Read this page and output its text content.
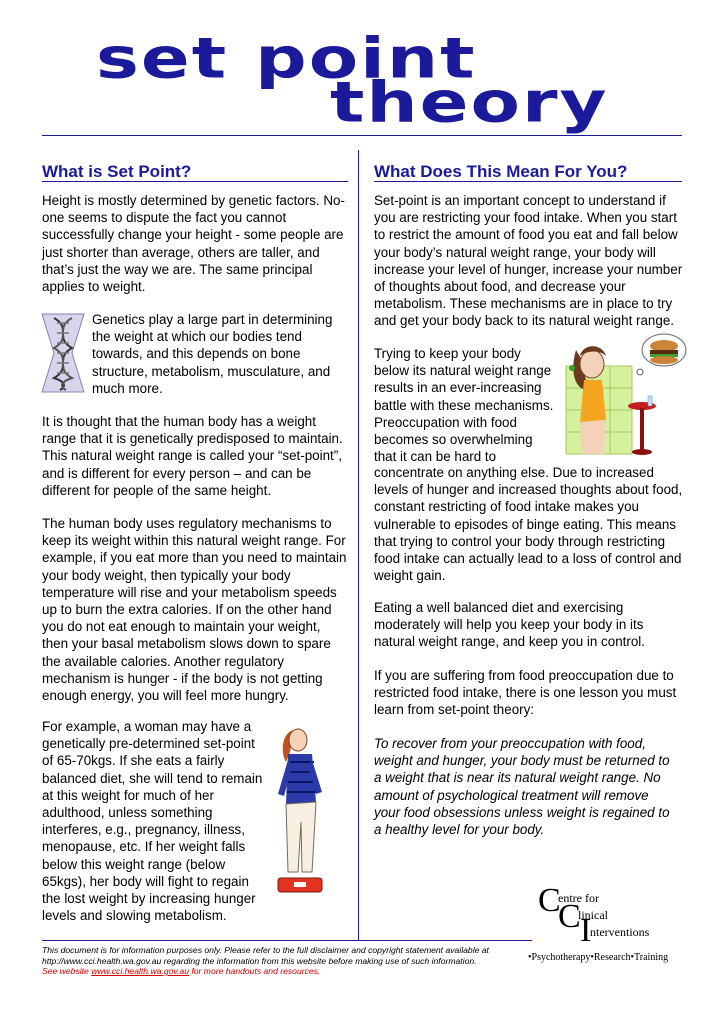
set point
theory
What is Set Point?

Height is mostly determined by genetic factors. No-one seems to dispute the fact you cannot successfully change your height - some people are just shorter than average, others are taller, and that’s just the way we are. The same principal applies to weight.

Genetics play a large part in determining the weight at which our bodies tend towards, and this depends on bone structure, metabolism, musculature, and much more.

It is thought that the human body has a weight range that it is genetically predisposed to maintain. This natural weight range is called your “set-point”, and is different for every person – and can be different for people of the same height.

The human body uses regulatory mechanisms to keep its weight within this natural weight range. For example, if you eat more than you need to maintain your body weight, then typically your body temperature will rise and your metabolism speeds up to burn the extra calories. If on the other hand you do not eat enough to maintain your weight, then your basal metabolism slows down to spare the available calories. Another regulatory mechanism is hunger - if the body is not getting enough energy, you will feel more hungry.

For example, a woman may have a genetically pre-determined set-point of 65-70kgs. If she eats a fairly balanced diet, she will tend to remain at this weight for much of her adulthood, unless something interferes, e.g., pregnancy, illness, menopause, etc. If her weight falls below this weight range (below 65kgs), her body will fight to regain the lost weight by increasing hunger levels and slowing metabolism.

What Does This Mean For You?

Set-point is an important concept to understand if you are restricting your food intake. When you start to restrict the amount of food you eat and fall below your body’s natural weight range, your body will increase your level of hunger, increase your number of thoughts about food, and decrease your metabolism. These mechanisms are in place to try and get your body back to its natural weight range.

Trying to keep your body below its natural weight range results in an ever-increasing battle with these mechanisms. Preoccupation with food becomes so overwhelming that it can be hard to

concentrate on anything else. Due to increased levels of hunger and increased thoughts about food, constant restricting of food intake makes you vulnerable to episodes of binge eating. This means that trying to control your body through restricting food intake can actually lead to a loss of control and weight gain.

Eating a well balanced diet and exercising moderately will help you keep your body in its natural weight range, and keep you in control.

If you are suffering from food preoccupation due to restricted food intake, there is one lesson you must learn from set-point theory:

To recover from your preoccupation with food, weight and hunger, your body must be returned to a weight that is near its natural weight range. No amount of psychological treatment will remove your food obsessions unless weight is regained to a healthy level for your body.

C
entre for
C
linical
I
nterventions
•Psychotherapy•Research•Training
This document is for information purposes only. Please refer to the full disclaimer and copyright statement available at
http://www.cci.health.wa.gov.au regarding the information from this website before making use of such information.
See website www.cci.health.wa.gov.au for more handouts and resources.
